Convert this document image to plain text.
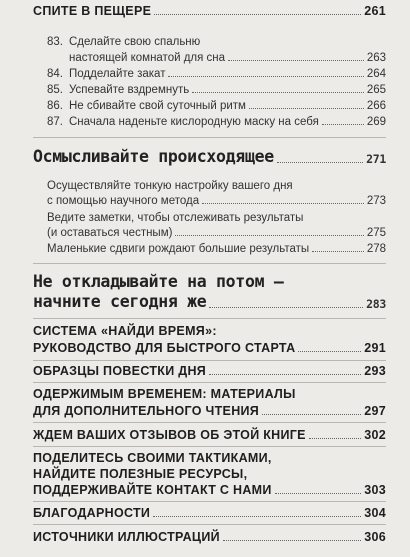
СПИТЕ В ПЕЩЕРЕ	261
83. Сделайте свою спальню
настоящей комнатой для сна	263
84. Подделайте закат	264
85. Успевайте вздремнуть	265
86. Не сбивайте свой суточный ритм	266
87. Сначала наденьте кислородную маску на себя	269
Осмысливайте происходящее	271
Осуществляйте тонкую настройку вашего дня
с помощью научного метода	273
Ведите заметки, чтобы отслеживать результаты
(и оставаться честным)	275
Маленькие сдвиги рождают большие результаты	278
Не откладывайте на потом —
начните сегодня же	283
СИСТЕМА «НАЙДИ ВРЕМЯ»:
РУКОВОДСТВО ДЛЯ БЫСТРОГО СТАРТА	291
ОБРАЗЦЫ ПОВЕСТКИ ДНЯ	293
ОДЕРЖИМЫМ ВРЕМЕНЕМ: МАТЕРИАЛЫ
ДЛЯ ДОПОЛНИТЕЛЬНОГО ЧТЕНИЯ	297
ЖДЕМ ВАШИХ ОТЗЫВОВ ОБ ЭТОЙ КНИГЕ	302
ПОДЕЛИТЕСЬ СВОИМИ ТАКТИКАМИ,
НАЙДИТЕ ПОЛЕЗНЫЕ РЕСУРСЫ,
ПОДДЕРЖИВАЙТЕ КОНТАКТ С НАМИ	303
БЛАГОДАРНОСТИ	304
ИСТОЧНИКИ ИЛЛЮСТРАЦИЙ	306
